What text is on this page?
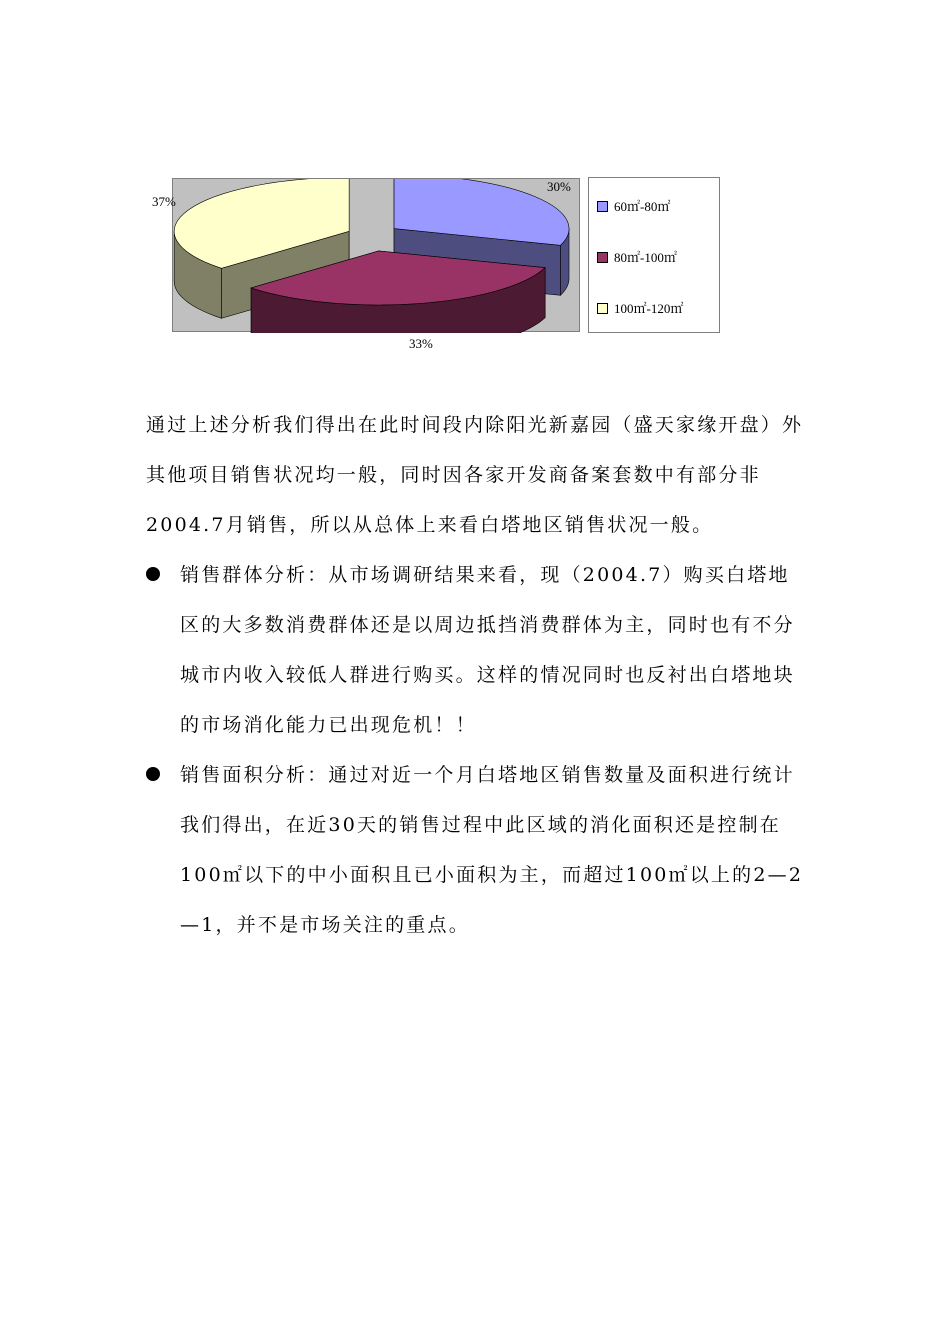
30%
37%
33%
60㎡-80㎡
80㎡-100㎡
100㎡-120㎡
通过上述分析我们得出在此时间段内除阳光新嘉园（盛天家缘开盘）外其他项目销售状况均一般，同时因各家开发商备案套数中有部分非2004.7月销售，所以从总体上来看白塔地区销售状况一般。
销售群体分析：从市场调研结果来看，现（2004.7）购买白塔地区的大多数消费群体还是以周边抵挡消费群体为主，同时也有不分城市内收入较低人群进行购买。这样的情况同时也反衬出白塔地块的市场消化能力已出现危机！！
销售面积分析：通过对近一个月白塔地区销售数量及面积进行统计我们得出，在近30天的销售过程中此区域的消化面积还是控制在100㎡以下的中小面积且已小面积为主，而超过100㎡以上的2—2—1，并不是市场关注的重点。
